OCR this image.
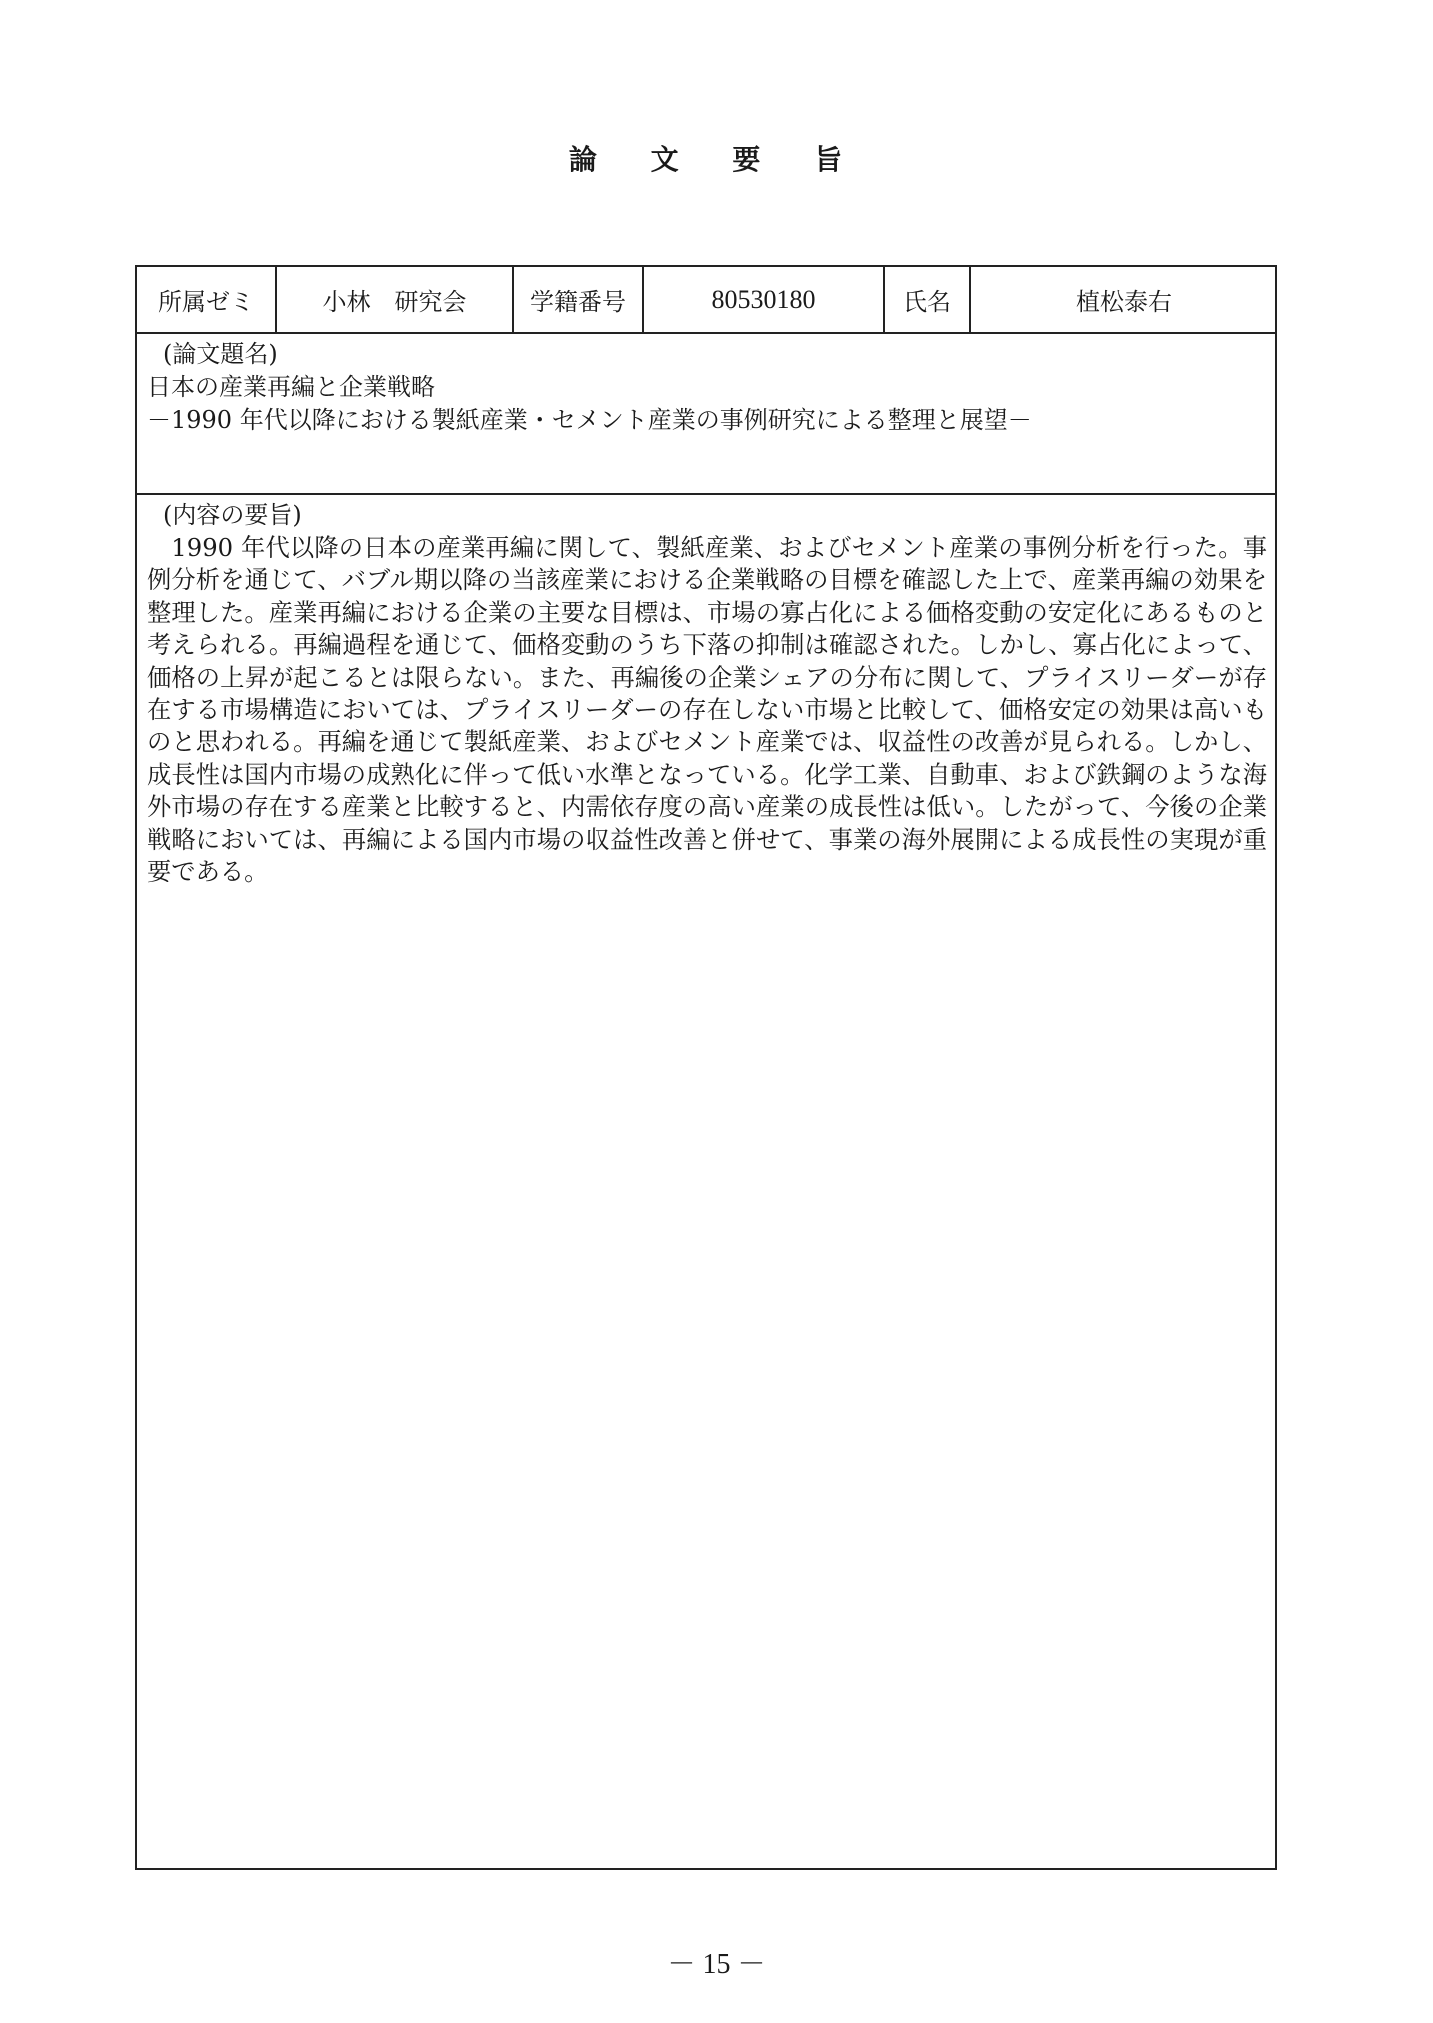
論 文 要 旨
所属ゼミ	小林　研究会	学籍番号	80530180	氏名	植松泰右
(論文題名)
日本の産業再編と企業戦略
－1990 年代以降における製紙産業・セメント産業の事例研究による整理と展望－
(内容の要旨)

1990 年代以降の日本の産業再編に関して、製紙産業、およびセメント産業の事例分析を行った。事例分析を通じて、バブル期以降の当該産業における企業戦略の目標を確認した上で、産業再編の効果を整理した。産業再編における企業の主要な目標は、市場の寡占化による価格変動の安定化にあるものと考えられる。再編過程を通じて、価格変動のうち下落の抑制は確認された。しかし、寡占化によって、価格の上昇が起こるとは限らない。また、再編後の企業シェアの分布に関して、プライスリーダーが存在する市場構造においては、プライスリーダーの存在しない市場と比較して、価格安定の効果は高いものと思われる。再編を通じて製紙産業、およびセメント産業では、収益性の改善が見られる。しかし、成長性は国内市場の成熟化に伴って低い水準となっている。化学工業、自動車、および鉄鋼のような海外市場の存在する産業と比較すると、内需依存度の高い産業の成長性は低い。したがって、今後の企業戦略においては、再編による国内市場の収益性改善と併せて、事業の海外展開による成長性の実現が重要である。

－ 15 －
